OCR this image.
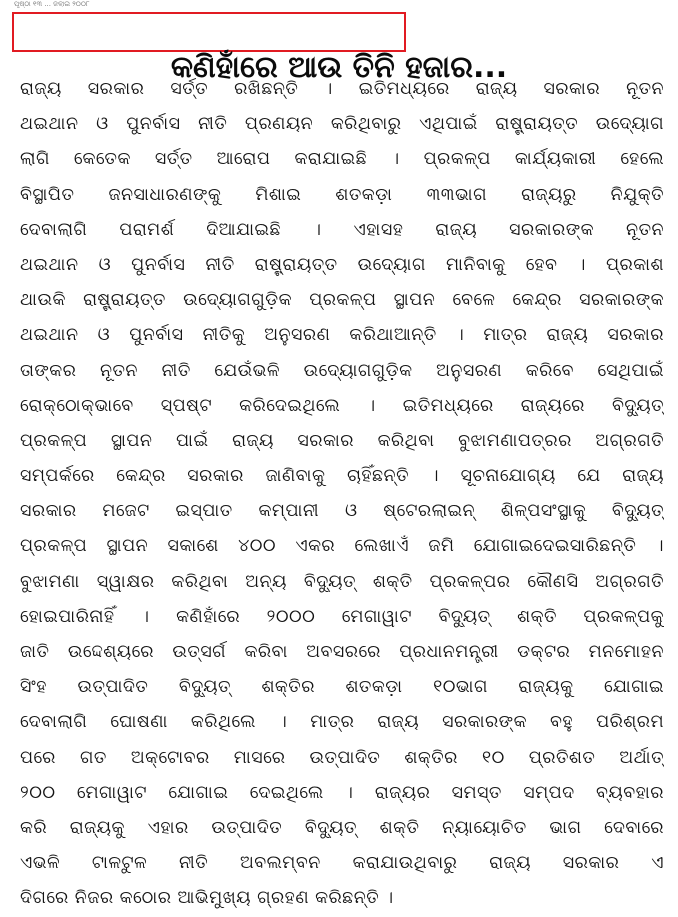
ପୃଷ୍ଠା ୧୩ ... ଜଲାଇ ୨୦୦୮
କଣିହାଁରେ ଆଉ ତିନି ହଜାର...
ରାଜ୍ୟ ସରକାର ସର୍ତ୍ତ ରଖିଛନ୍ତି । ଇତିମଧ୍ୟରେ ରାଜ୍ୟ ସରକାର ନୂତନ
ଥଇଥାନ ଓ ପୁନର୍ବାସ ନୀତି ପ୍ରଣୟନ କରିଥିବାରୁ ଏଥିପାଇଁ ରାଷ୍ଟ୍ରାୟତ୍ତ ଉଦ୍ୟୋଗ
ଲାଗି କେତେକ ସର୍ତ୍ତ ଆରୋପ କରାଯାଇଛି । ପ୍ରକଳ୍ପ କାର୍ଯ୍ୟକାରୀ ହେଲେ
ବିସ୍ଥାପିତ ଜନସାଧାରଣଙ୍କୁ ମିଶାଇ ଶତକଡ଼ା ୩୩ଭାଗ ରାଜ୍ୟରୁ ନିଯୁକ୍ତି
ଦେବାଲାଗି ପରାମର୍ଶ ଦିଆଯାଇଛି । ଏହାସହ ରାଜ୍ୟ ସରକାରଙ୍କ ନୂତନ
ଥଇଥାନ ଓ ପୁନର୍ବାସ ନୀତି ରାଷ୍ଟ୍ରାୟତ୍ତ ଉଦ୍ୟୋଗ ମାନିବାକୁ ହେବ । ପ୍ରକାଶ
ଥାଉକି ରାଷ୍ଟ୍ରାୟତ୍ତ ଉଦ୍ୟୋଗଗୁଡ଼ିକ ପ୍ରକଳ୍ପ ସ୍ଥାପନ ବେଳେ କେନ୍ଦ୍ର ସରକାରଙ୍କ
ଥଇଥାନ ଓ ପୁନର୍ବାସ ନୀତିକୁ ଅନୁସରଣ କରିଥାଆନ୍ତି । ମାତ୍ର ରାଜ୍ୟ ସରକାର
ତାଙ୍କର ନୂତନ ନୀତି ଯେଉଁଭଳି ଉଦ୍ୟୋଗଗୁଡ଼ିକ ଅନୁସରଣ କରିବେ ସେଥିପାଇଁ
ରୋକ୍‌ଠୋକ୍‌ଭାବେ ସ୍ପଷ୍ଟ କରିଦେଇଥିଲେ । ଇତିମଧ୍ୟରେ ରାଜ୍ୟରେ ବିଦ୍ୟୁତ୍
ପ୍ରକଳ୍ପ ସ୍ଥାପନ ପାଇଁ ରାଜ୍ୟ ସରକାର କରିଥିବା ବୁଝାମଣାପତ୍ରର ଅଗ୍ରଗତି
ସମ୍ପର୍କରେ କେନ୍ଦ୍ର ସରକାର ଜାଣିବାକୁ ଚାହିଁଛନ୍ତି । ସୂଚନାଯୋଗ୍ୟ ଯେ ରାଜ୍ୟ
ସରକାର ମଜେଟ ଇସ୍ପାତ କମ୍ପାନୀ ଓ ଷ୍ଟେରଲାଇନ୍ ଶିଳ୍ପସଂସ୍ଥାକୁ ବିଦ୍ୟୁତ୍
ପ୍ରକଳ୍ପ ସ୍ଥାପନ ସକାଶେ ୪୦୦ ଏକର ଲେଖାଏଁ ଜମି ଯୋଗାଇଦେଇସାରିଛନ୍ତି ।
ବୁଝାମଣା ସ୍ୱାକ୍ଷର କରିଥିବା ଅନ୍ୟ ବିଦ୍ୟୁତ୍ ଶକ୍ତି ପ୍ରକଳ୍ପର କୌଣସି ଅଗ୍ରଗତି
ହୋଇପାରିନାହିଁ । କଣିହାଁରେ ୨୦୦୦ ମେଗାୱାଟ ବିଦ୍ୟୁତ୍ ଶକ୍ତି ପ୍ରକଳ୍ପକୁ
ଜାତି ଉଦ୍ଦେଶ୍ୟରେ ଉତ୍ସର୍ଗ କରିବା ଅବସରରେ ପ୍ରଧାନମନ୍ତ୍ରୀ ଡକ୍ଟର ମନମୋହନ
ସିଂହ ଉତ୍ପାଦିତ ବିଦ୍ୟୁତ୍ ଶକ୍ତିର ଶତକଡ଼ା ୧୦ଭାଗ ରାଜ୍ୟକୁ ଯୋଗାଇ
ଦେବାଲାଗି ଘୋଷଣା କରିଥିଲେ । ମାତ୍ର ରାଜ୍ୟ ସରକାରଙ୍କ ବହୁ ପରିଶ୍ରମ
ପରେ ଗତ ଅକ୍ଟୋବର ମାସରେ ଉତ୍ପାଦିତ ଶକ୍ତିର ୧୦ ପ୍ରତିଶତ ଅର୍ଥାତ୍
୨୦୦ ମେଗାୱାଟ ଯୋଗାଇ ଦେଇଥିଲେ । ରାଜ୍ୟର ସମସ୍ତ ସମ୍ପଦ ବ୍ୟବହାର
କରି ରାଜ୍ୟକୁ ଏହାର ଉତ୍ପାଦିତ ବିଦ୍ୟୁତ୍ ଶକ୍ତି ନ୍ୟାୟୋଚିତ ଭାଗ ଦେବାରେ
ଏଭଳି ଟାଳଟୁଳ ନୀତି ଅବଲମ୍ବନ କରାଯାଉଥିବାରୁ ରାଜ୍ୟ ସରକାର ଏ
ଦିଗରେ ନିଜର କଠୋର ଆଭିମୁଖ୍ୟ ଗ୍ରହଣ କରିଛନ୍ତି ।
